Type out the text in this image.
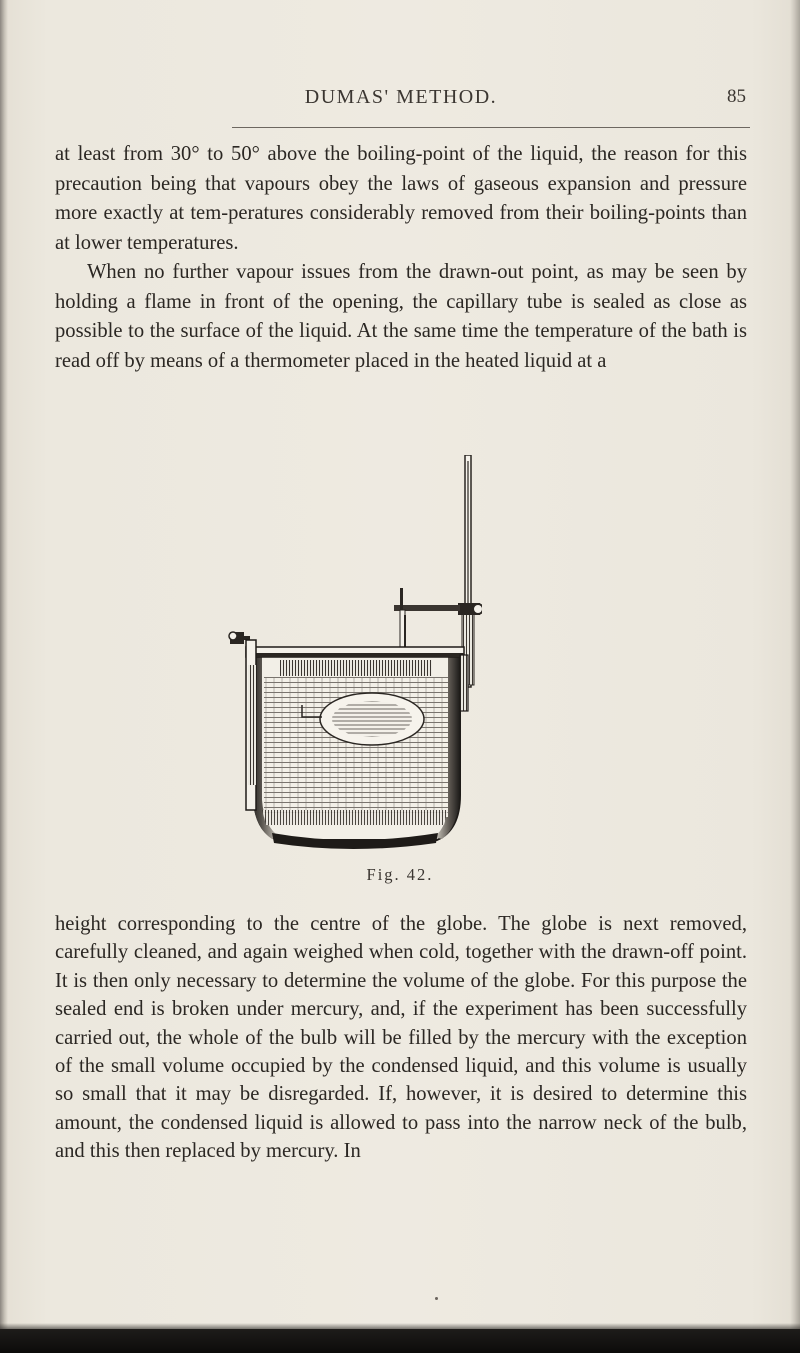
DUMAS' METHOD.	85

at least from 30° to 50° above the boiling-point of the liquid, the reason for this precaution being that vapours obey the laws of gaseous expansion and pressure more exactly at tem-peratures considerably removed from their boiling-points than at lower temperatures.

When no further vapour issues from the drawn-out point, as may be seen by holding a flame in front of the opening, the capillary tube is sealed as close as possible to the surface of the liquid. At the same time the temperature of the bath is read off by means of a thermometer placed in the heated liquid at a

Fig. 42.

height corresponding to the centre of the globe. The globe is next removed, carefully cleaned, and again weighed when cold, together with the drawn-off point. It is then only necessary to determine the volume of the globe. For this purpose the sealed end is broken under mercury, and, if the experiment has been successfully carried out, the whole of the bulb will be filled by the mercury with the exception of the small volume occupied by the condensed liquid, and this volume is usually so small that it may be disregarded. If, however, it is desired to determine this amount, the condensed liquid is allowed to pass into the narrow neck of the bulb, and this then replaced by mercury. In
